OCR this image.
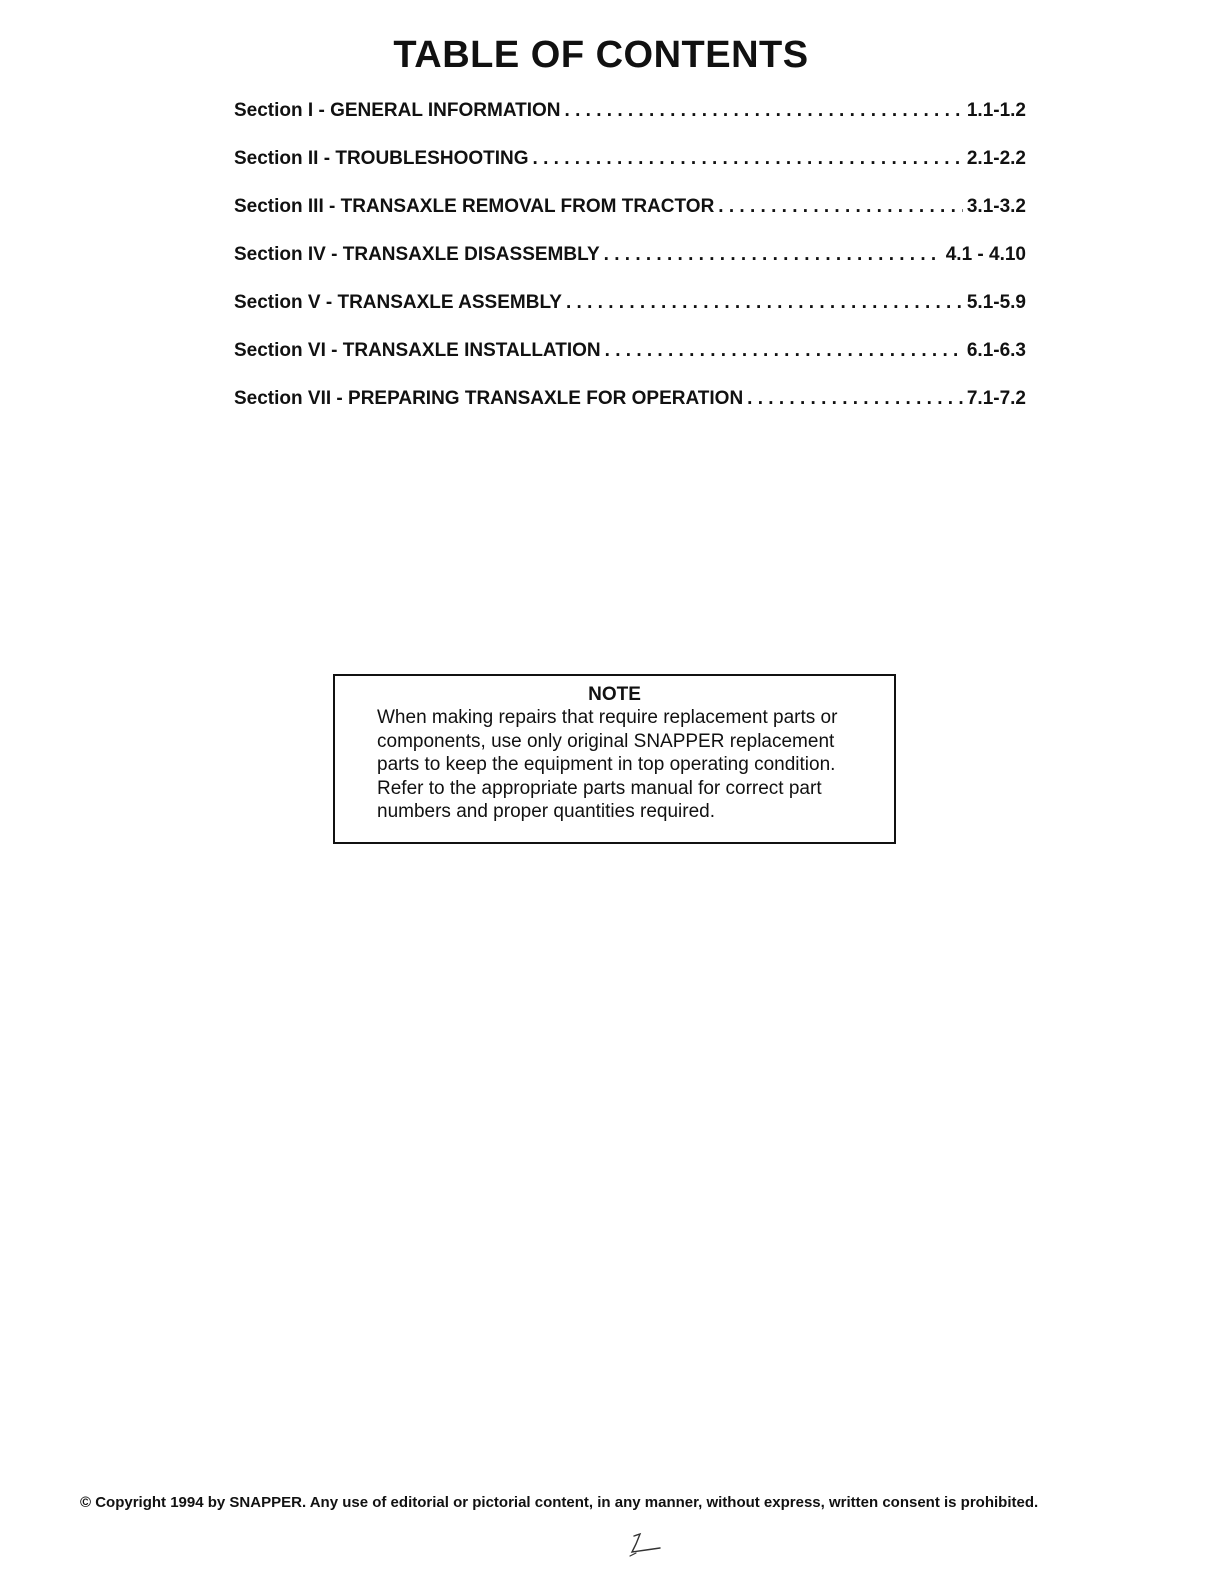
TABLE OF CONTENTS
Section I - GENERAL INFORMATION . . .	1.1-1.2
Section II - TROUBLESHOOTING . . .	2.1-2.2
Section III - TRANSAXLE REMOVAL FROM TRACTOR . . .	3.1-3.2
Section IV - TRANSAXLE DISASSEMBLY . . .	4.1 - 4.10
Section V - TRANSAXLE ASSEMBLY . . .	5.1-5.9
Section VI - TRANSAXLE INSTALLATION . . .	6.1-6.3
Section VII - PREPARING TRANSAXLE FOR OPERATION . . .	7.1-7.2
NOTE
When making repairs that require replacement parts or
components, use only original SNAPPER replacement
parts to keep the equipment in top operating condition.
Refer to the appropriate parts manual for correct part
numbers and proper quantities required.
© Copyright 1994 by SNAPPER. Any use of editorial or pictorial content, in any manner, without express, written consent is prohibited.
